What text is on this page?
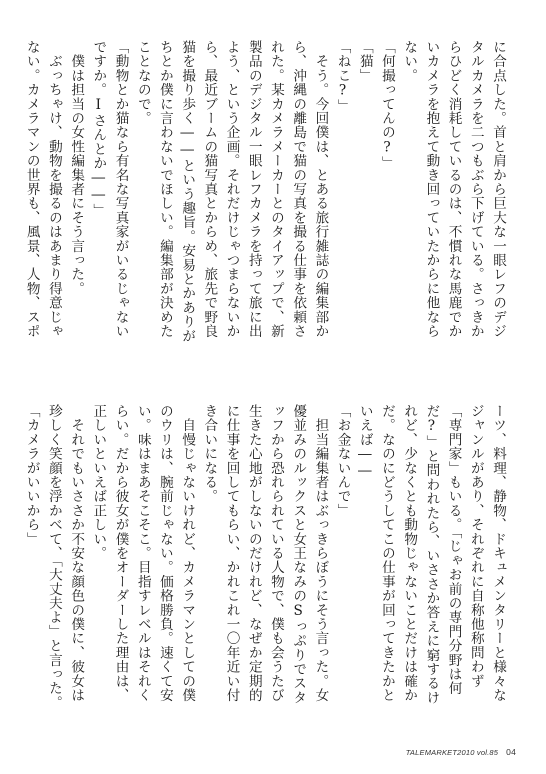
に合点した。首と肩から巨大な一眼レフのデジ
タルカメラを二つもぶら下げている。さっきか
らひどく消耗しているのは、不慣れな馬鹿でか
いカメラを抱えて動き回っていたからに他なら
ない。
「何撮ってんの?」
「猫」
「ねこ?」
　そう。今回僕は、とある旅行雑誌の編集部か
ら、沖縄の離島で猫の写真を撮る仕事を依頼さ
れた。某カメラメーカーとのタイアップで、新
製品のデジタル一眼レフカメラを持って旅に出
よう、という企画。それだけじゃつまらないか
ら、最近ブームの猫写真とからめ、旅先で野良
猫を撮り歩く――という趣旨。安易とかありが
ちとか僕に言わないでほしい。編集部が決めた
ことなので。
「動物とか猫なら有名な写真家がいるじゃない
ですか。Iさんとか――」
　僕は担当の女性編集者にそう言った。
　ぶっちゃけ、動物を撮るのはあまり得意じゃ
ない。カメラマンの世界も、風景、人物、スポ
ーツ、料理、静物、ドキュメンタリーと様々な
ジャンルがあり、それぞれに自称他称問わず
「専門家」もいる。「じゃお前の専門分野は何
だ?」と問われたら、いささか答えに窮するけ
れど、少なくとも動物じゃないことだけは確か
だ。なのにどうしてこの仕事が回ってきたかと
いえば――
「お金ないんで」
　担当編集者はぶっきらぼうにそう言った。女
優並みのルックスと女王なみのSっぷりでスタ
ッフから恐れられている人物で、僕も会うたび
生きた心地がしないのだけれど、なぜか定期的
に仕事を回してもらい、かれこれ一〇年近い付
き合いになる。
　自慢じゃないけれど、カメラマンとしての僕
のウリは、腕前じゃない。価格勝負。速くて安
い。味はまあそこそこ。目指すレベルはそれく
らい。だから彼女が僕をオーダーした理由は、
正しいといえば正しい。
　それでもいささか不安な顔色の僕に、彼女は
珍しく笑顔を浮かべて、「大丈夫よ」と言った。
「カメラがいいから」
TALEMARKET2010 vol.85 04
